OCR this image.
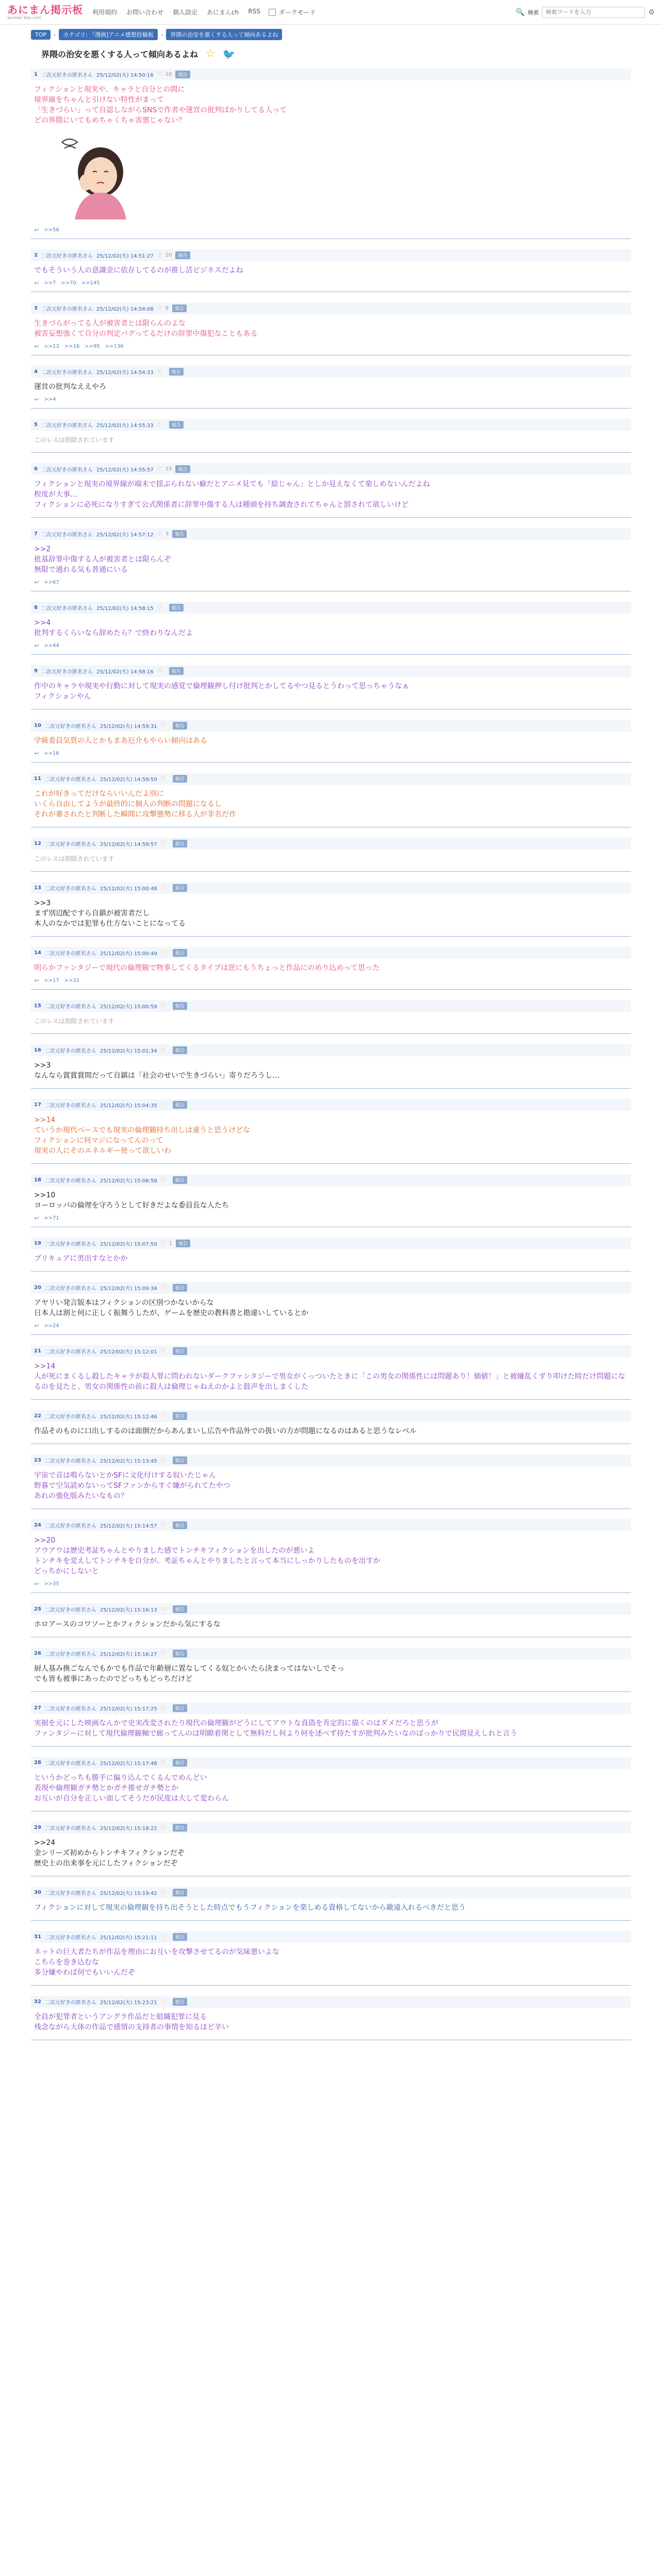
あにまん掲示板
animan bbs.com
利用規約 お問い合わせ 個人設定 あにまんch RSS	ダークモード	🔍 検索
検索ワードを入力	⚙
TOP	›	カテゴリ: 『漫画]アニメ感想投稿板	›	界隈の治安を悪くする人って傾向あるよね
界隈の治安を悪くする人って傾向あるよね ☆ 🐦
1 二次元好きの匿名さん 25/12/02(火) 14:50:16 ♡ 10	報告
フィクションと現実や、キャラと自分との間に
境界線をちゃんと引けない特性がまって
「生きづらい」って自認しながらSNSで作者や運営の批判ばかりしてる人って
どの界隈にいてもめちゃくちゃ害悪じゃない？
↩ >>56
2 二次元好きの匿名さん 25/12/02(火) 14:51:27 ♡ 20	報告
でもそういう人の意識金に依存してるのが推し活ビジネスだよね
↩ >>7 >>70 >>145
3 二次元好きの匿名さん 25/12/02(火) 14:54:08 ♡ 9	報告
生きづらがってる人が被害者とは限らんのよな
被害妄想強くて自分の判定バグってるだけの辞罪中傷犯なこともある
↩ >>13 >>16 >>95 >>136
4 二次元好きの匿名さん 25/12/02(火) 14:54:33 ♡	報告
運営の批判なええやろ
↩ >>4
5 二次元好きの匿名さん 25/12/02(火) 14:55:33 ♡	報告
このレスは削除されています
6 二次元好きの匿名さん 25/12/02(火) 14:55:57 ♡ 15	報告
フィクションと現実の境界線が端末で揺ぶられない癖だとアニメ見ても「絵じゃん」としか見えなくて楽しめないんだよね
程度が大事…
フィクションに必死になりすぎて公式関係者に辞罪中傷する人は種頭を持ち調査されてちゃんと罰されて欲しいけど
7 二次元好きの匿名さん 25/12/02(火) 14:57:12 ♡ 3	報告
>>2
批基辞罪中傷する人が被害者とは限らんぞ
無限で通れる気も普通にいる
↩ >>67
8 二次元好きの匿名さん 25/12/02(火) 14:58:15 ♡	報告
>>4
批判するくらいなら辞めたら？で終わりなんだよ
↩ >>44
9 二次元好きの匿名さん 25/12/02(火) 14:58:16 ♡	報告
作中のキャラや現実や行動に対して現実の感覚で倫理観押し付け批判とかしてるやつ見るとうわって思っちゃうなぁ
フィクションやん
10 二次元好きの匿名さん 25/12/02(火) 14:59:31 ♡	報告
学級委員気質の人とかもまあ厄介もやらい傾向はある
↩ >>16
11 二次元好きの匿名さん 25/12/02(火) 14:59:50 ♡	報告
これが好きってだけならいいんだよ別に
いくら自由してようが最終的に個人の判断の問題になるし
それが審されたと判断した瞬間に攻撃態勢に移る人が非名だ作
12 二次元好きの匿名さん 25/12/02(火) 14:59:57 ♡	報告
このレスは削除されています
13 二次元好きの匿名さん 25/12/02(火) 15:00:48 ♡	報告
>>3
まず別辺配ですら自鎮が被害者だし
本人のなかでは犯罪も仕方ないことになってる
14 二次元好きの匿名さん 25/12/02(火) 15:00:49 ♡	報告
明らかファンタジーで現代の倫理観で物事してくるタイプは逆にもうちょっと作品にのめり込めって思った
↩ >>17 >>31
15 二次元好きの匿名さん 25/12/02(火) 15:00:59 ♡	報告
このレスは削除されています
16 二次元好きの匿名さん 25/12/02(火) 15:01:34 ♡	報告
>>3
なんなら賞賞賞間だって自鎮は「社会のせいで生きづらい」寄りだろうし…
17 二次元好きの匿名さん 25/12/02(火) 15:04:35 ♡	報告
>>14
ていうか現代ベースでも現実の倫理観持ち出しは違うと思うけどな
フィクションに何マジになってんのって
現実の人にそのエネルギー使って欲しいわ
18 二次元好きの匿名さん 25/12/02(火) 15:06:58 ♡	報告
>>10
ヨーロッパの倫理を守ろうとして好きだよな委員長な人たち
↩ >>71
19 二次元好きの匿名さん 25/12/02(火) 15:07:50 ♡ 1	報告
プリキュアに男出すなとかか
20 二次元好きの匿名さん 25/12/02(火) 15:09:34 ♡	報告
アヤリい発言版本はフィクションの区別つかないからな
日本人は割と何に正しく振舞うしたが、ゲームを歴史の教科書と勘違いしているとか
↩ >>24
21 二次元好きの匿名さん 25/12/02(火) 15:12:01 ♡	報告
>>14
人が死にまくるし殺したキャラが殺人罪に問われないダークファンタジーで男女がくっついたときに「この男女の関係性には問題あり！価値！」と被嫌乱くずり叩けた時だけ問題になるのを見たと、男女の関係性の前に殺人は倫理じゃねえのかよと鼓声を出しまくした
22 二次元好きの匿名さん 25/12/02(火) 15:12:46 ♡	報告
作品そのものに口出しするのは面倒だからあんまいし広告や作品外での扱いの方が問題になるのはあると思うなレベル
23 二次元好きの匿名さん 25/12/02(火) 15:13:45 ♡	報告
宇宙で音は鳴らないとかSFに文化付けする奴いたじゃん
野暮で空気読めないってSFファンからすぐ嫌がられてたやつ
あれの強化版みたいなもの？
24 二次元好きの匿名さん 25/12/02(火) 15:14:57 ♡	報告
>>20
アウアウは歴史考証ちゃんとやりました感でトンチキフィクションを出したのが悪いよ
トンチキを変えしてトンチキを自分が、考証ちゃんとやりましたと言って本当にしっかりしたものを出すか
どっちかにしないと
↩ >>35
25 二次元好きの匿名さん 25/12/02(火) 15:16:13 ♡	報告
ホロアースのコワソーとかフィクションだから気にするな
26 二次元好きの匿名さん 25/12/02(火) 15:16:27 ♡	報告
厨人基み換ごなんでもかでも作品で年齢層に置なしてくる奴とかいたら決まってはないしでそっ
でも皆も被事にあったのでどっちもどっちだけど
27 二次元好きの匿名さん 25/12/02(火) 15:17:25 ♡	報告
実据を元にした映画なんかで史実改変されたり現代の倫理観がどうにしてアウトな真偽を肯定的に描くのはダメだろと思うが
ファンタジーに対して現代倫理観軸で廊ってんのは明瞭着関として無料だし何より何を述べず持たすが批判みたいなのばっかりで民間見えしれと言う
28 二次元好きの匿名さん 25/12/02(火) 15:17:48 ♡	報告
というかどっちも勝手に偏り込んでくるんでめんどい
表現や倫理観ガチ勢とかガチ推せガチ勢とか
お互いが自分を正しい面してそうだが民度は大して変わらん
29 二次元好きの匿名さん 25/12/02(火) 15:18:22 ♡	報告
>>24
金シリーズ初めからトンチキフィクションだぞ
歴史上の出来事を元にしたフィクションだぞ
30 二次元好きの匿名さん 25/12/02(火) 15:19:42 ♡	報告
フィクションに対して現実の倫理観を持ち出そうとした時点でもうフィクションを楽しめる資格してないから敵遠入れるべきだと思う
31 二次元好きの匿名さん 25/12/02(火) 15:21:11 ♡	報告
ネットの巨大者たちが作品を理由にお互いを攻撃させてるのが気味悪いよな
こちらを巻き込むな
多分嫌やわば何でもいいんだぞ
32 二次元好きの匿名さん 25/12/02(火) 15:23:21 ♡	報告
全員が犯罪者というアングラ作品だと組織犯罪に見る
残念ながら大体の作品で感情の支持者の事情を知るほど辛い
